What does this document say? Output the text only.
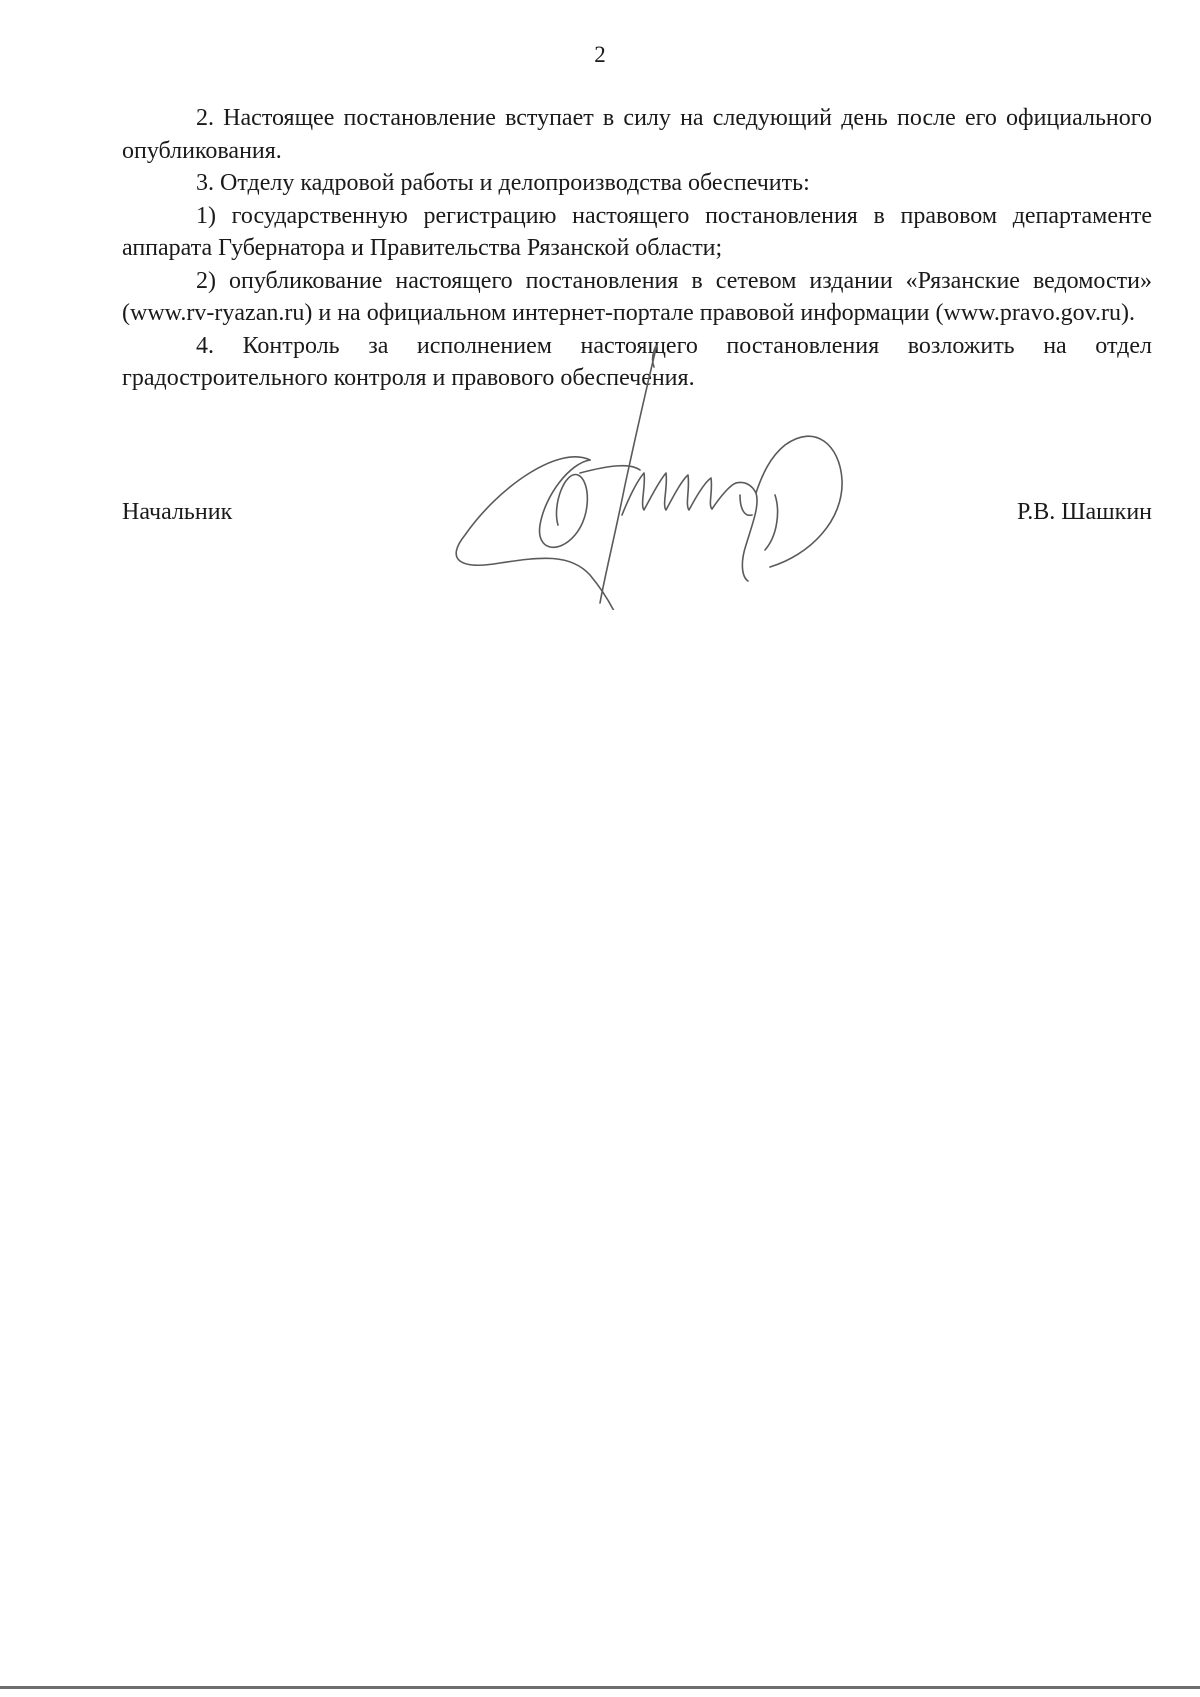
2

2. Настоящее постановление вступает в силу на следующий день после его официального опубликования.

3. Отделу кадровой работы и делопроизводства обеспечить:

1) государственную регистрацию настоящего постановления в правовом департаменте аппарата Губернатора и Правительства Рязанской области;

2) опубликование настоящего постановления в сетевом издании «Рязанские ведомости» (www.rv-ryazan.ru) и на официальном интернет-портале правовой информации (www.pravo.gov.ru).

4. Контроль за исполнением настоящего постановления возложить на отдел градостроительного контроля и правового обеспечения.

Начальник	Р.В. Шашкин
